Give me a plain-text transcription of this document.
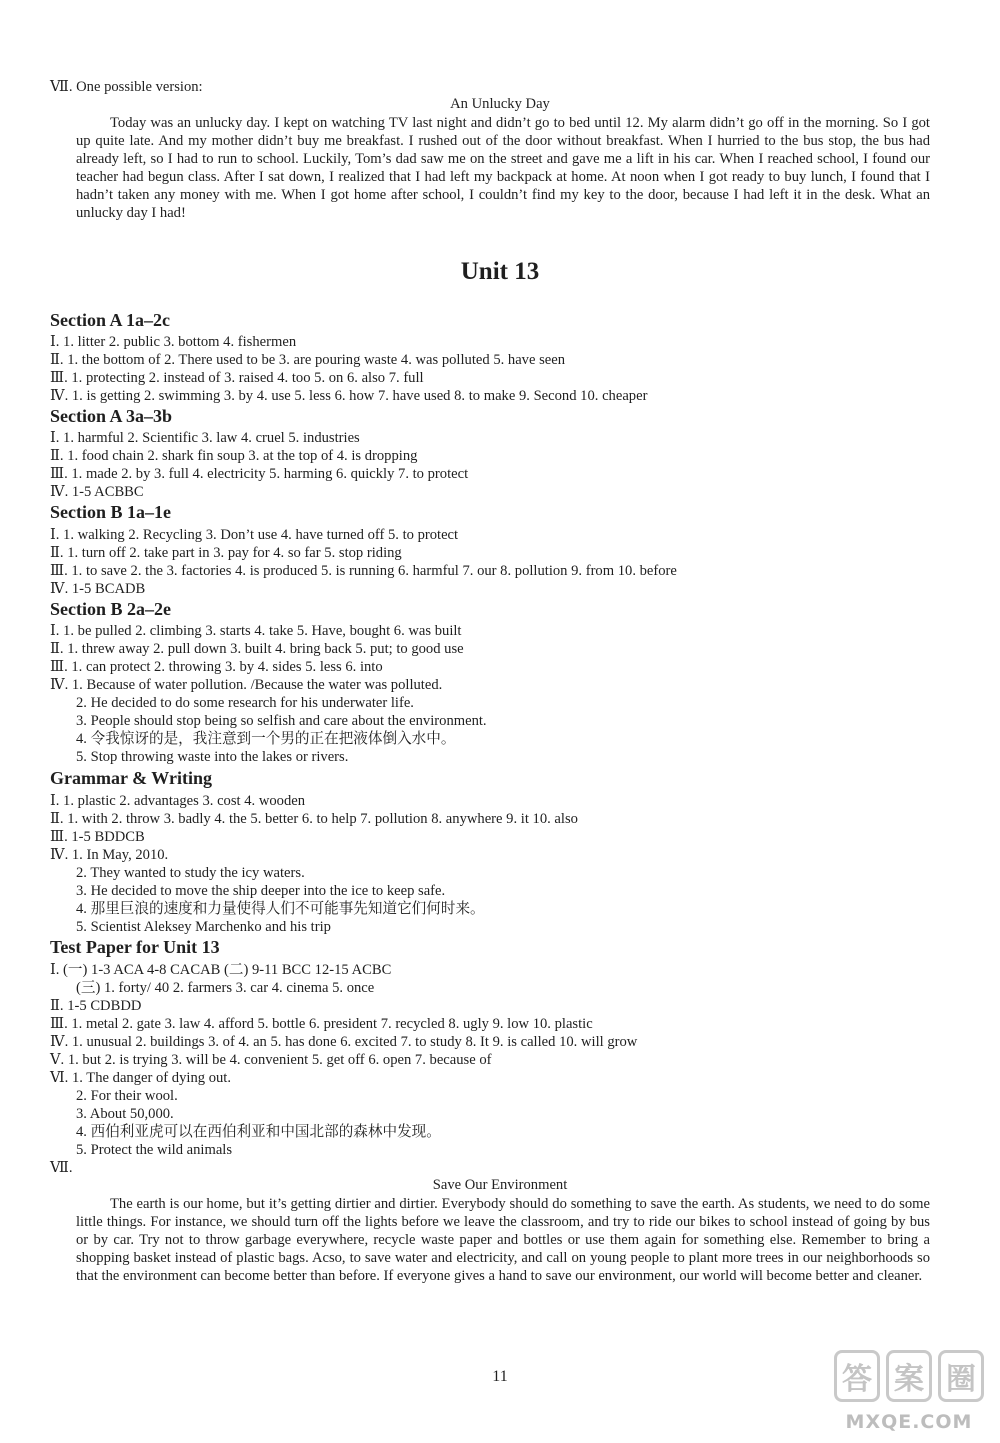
Ⅶ. One possible version:
An Unlucky Day
Today was an unlucky day. I kept on watching TV last night and didn’t go to bed until 12. My alarm didn’t go off in the morning. So I got up quite late. And my mother didn’t buy me breakfast. I rushed out of the door without breakfast. When I hurried to the bus stop, the bus had already left, so I had to run to school. Luckily, Tom’s dad saw me on the street and gave me a lift in his car. When I reached school, I found our teacher had begun class. After I sat down, I realized that I had left my backpack at home. At noon when I got ready to buy lunch, I found that I hadn’t taken any money with me. When I got home after school, I couldn’t find my key to the door, because I had left it in the desk. What an unlucky day I had!
Unit 13
Section A 1a–2c
Ⅰ. 1. litter 2. public 3. bottom 4. fishermen
Ⅱ. 1. the bottom of 2. There used to be 3. are pouring waste 4. was polluted 5. have seen
Ⅲ. 1. protecting 2. instead of 3. raised 4. too 5. on 6. also 7. full
Ⅳ. 1. is getting 2. swimming 3. by 4. use 5. less 6. how 7. have used 8. to make 9. Second 10. cheaper
Section A 3a–3b
Ⅰ. 1. harmful 2. Scientific 3. law 4. cruel 5. industries
Ⅱ. 1. food chain 2. shark fin soup 3. at the top of 4. is dropping
Ⅲ. 1. made 2. by 3. full 4. electricity 5. harming 6. quickly 7. to protect
Ⅳ. 1-5 ACBBC
Section B 1a–1e
Ⅰ. 1. walking 2. Recycling 3. Don’t use 4. have turned off 5. to protect
Ⅱ. 1. turn off 2. take part in 3. pay for 4. so far 5. stop riding
Ⅲ. 1. to save 2. the 3. factories 4. is produced 5. is running 6. harmful 7. our 8. pollution 9. from 10. before
Ⅳ. 1-5 BCADB
Section B 2a–2e
Ⅰ. 1. be pulled 2. climbing 3. starts 4. take 5. Have, bought 6. was built
Ⅱ. 1. threw away 2. pull down 3. built 4. bring back 5. put; to good use
Ⅲ. 1. can protect 2. throwing 3. by 4. sides 5. less 6. into
Ⅳ. 1. Because of water pollution. /Because the water was polluted.
2. He decided to do some research for his underwater life.
3. People should stop being so selfish and care about the environment.
4. 令我惊讶的是，我注意到一个男的正在把液体倒入水中。
5. Stop throwing waste into the lakes or rivers.
Grammar & Writing
Ⅰ. 1. plastic 2. advantages 3. cost 4. wooden
Ⅱ. 1. with 2. throw 3. badly 4. the 5. better 6. to help 7. pollution 8. anywhere 9. it 10. also
Ⅲ. 1-5 BDDCB
Ⅳ. 1. In May, 2010.
2. They wanted to study the icy waters.
3. He decided to move the ship deeper into the ice to keep safe.
4. 那里巨浪的速度和力量使得人们不可能事先知道它们何时来。
5. Scientist Aleksey Marchenko and his trip
Test Paper for Unit 13
Ⅰ. (一) 1-3 ACA 4-8 CACAB (二) 9-11 BCC 12-15 ACBC
(三) 1. forty/ 40 2. farmers 3. car 4. cinema 5. once
Ⅱ. 1-5 CDBDD
Ⅲ. 1. metal 2. gate 3. law 4. afford 5. bottle 6. president 7. recycled 8. ugly 9. low 10. plastic
Ⅳ. 1. unusual 2. buildings 3. of 4. an 5. has done 6. excited 7. to study 8. It 9. is called 10. will grow
Ⅴ. 1. but 2. is trying 3. will be 4. convenient 5. get off 6. open 7. because of
Ⅵ. 1. The danger of dying out.
2. For their wool.
3. About 50,000.
4. 西伯利亚虎可以在西伯利亚和中国北部的森林中发现。
5. Protect the wild animals
Ⅶ.
Save Our Environment
The earth is our home, but it’s getting dirtier and dirtier. Everybody should do something to save the earth. As students, we need to do some little things. For instance, we should turn off the lights before we leave the classroom, and try to ride our bikes to school instead of going by bus or by car. Try not to throw garbage everywhere, recycle waste paper and bottles or use them again for something else. Remember to bring a shopping basket instead of plastic bags. Acso, to save water and electricity, and call on young people to plant more trees in our neighborhoods so that the environment can become better than before. If everyone gives a hand to save our environment, our world will become better and cleaner.
11	答 案 圈
MXQE.COM
